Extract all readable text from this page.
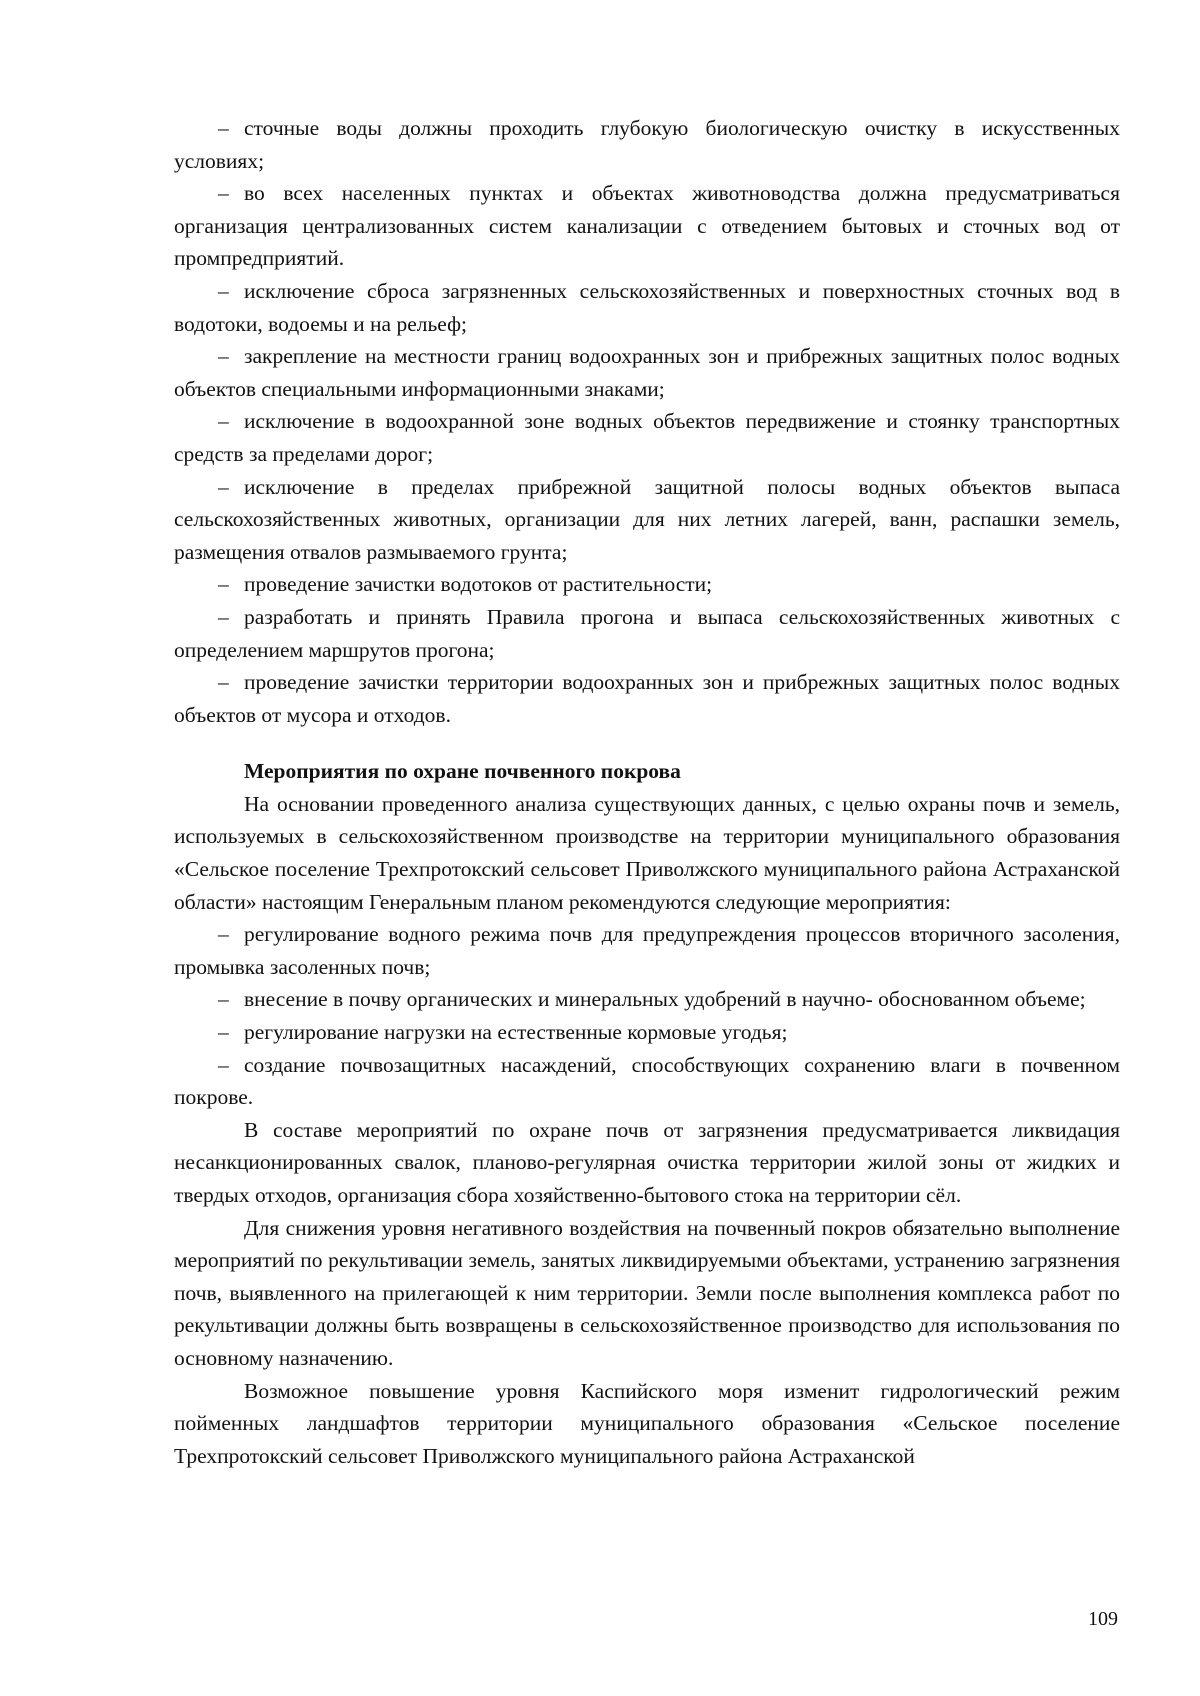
– сточные воды должны проходить глубокую биологическую очистку в искусственных условиях;

– во всех населенных пунктах и объектах животноводства должна предусматриваться организация централизованных систем канализации с отведением бытовых и сточных вод от промпредприятий.

– исключение сброса загрязненных сельскохозяйственных и поверхностных сточных вод в водотоки, водоемы и на рельеф;

– закрепление на местности границ водоохранных зон и прибрежных защитных полос водных объектов специальными информационными знаками;

– исключение в водоохранной зоне водных объектов передвижение и стоянку транспортных средств за пределами дорог;

– исключение в пределах прибрежной защитной полосы водных объектов выпаса сельскохозяйственных животных, организации для них летних лагерей, ванн, распашки земель, размещения отвалов размываемого грунта;

– проведение зачистки водотоков от растительности;

– разработать и принять Правила прогона и выпаса сельскохозяйственных животных с определением маршрутов прогона;

– проведение зачистки территории водоохранных зон и прибрежных защитных полос водных объектов от мусора и отходов.

Мероприятия по охране почвенного покрова

На основании проведенного анализа существующих данных, с целью охраны почв и земель, используемых в сельскохозяйственном производстве на территории муниципального образования «Сельское поселение Трехпротокский сельсовет Приволжского муниципального района Астраханской области» настоящим Генеральным планом рекомендуются следующие мероприятия:

– регулирование водного режима почв для предупреждения процессов вторичного засоления, промывка засоленных почв;

– внесение в почву органических и минеральных удобрений в научно- обоснованном объеме;

– регулирование нагрузки на естественные кормовые угодья;

– создание почвозащитных насаждений, способствующих сохранению влаги в почвенном покрове.

В составе мероприятий по охране почв от загрязнения предусматривается ликвидация несанкционированных свалок, планово-регулярная очистка территории жилой зоны от жидких и твердых отходов, организация сбора хозяйственно-бытового стока на территории сёл.

Для снижения уровня негативного воздействия на почвенный покров обязательно выполнение мероприятий по рекультивации земель, занятых ликвидируемыми объектами, устранению загрязнения почв, выявленного на прилегающей к ним территории. Земли после выполнения комплекса работ по рекультивации должны быть возвращены в сельскохозяйственное производство для использования по основному назначению.

Возможное повышение уровня Каспийского моря изменит гидрологический режим пойменных ландшафтов территории муниципального образования «Сельское поселение Трехпротокский сельсовет Приволжского муниципального района Астраханской

109
